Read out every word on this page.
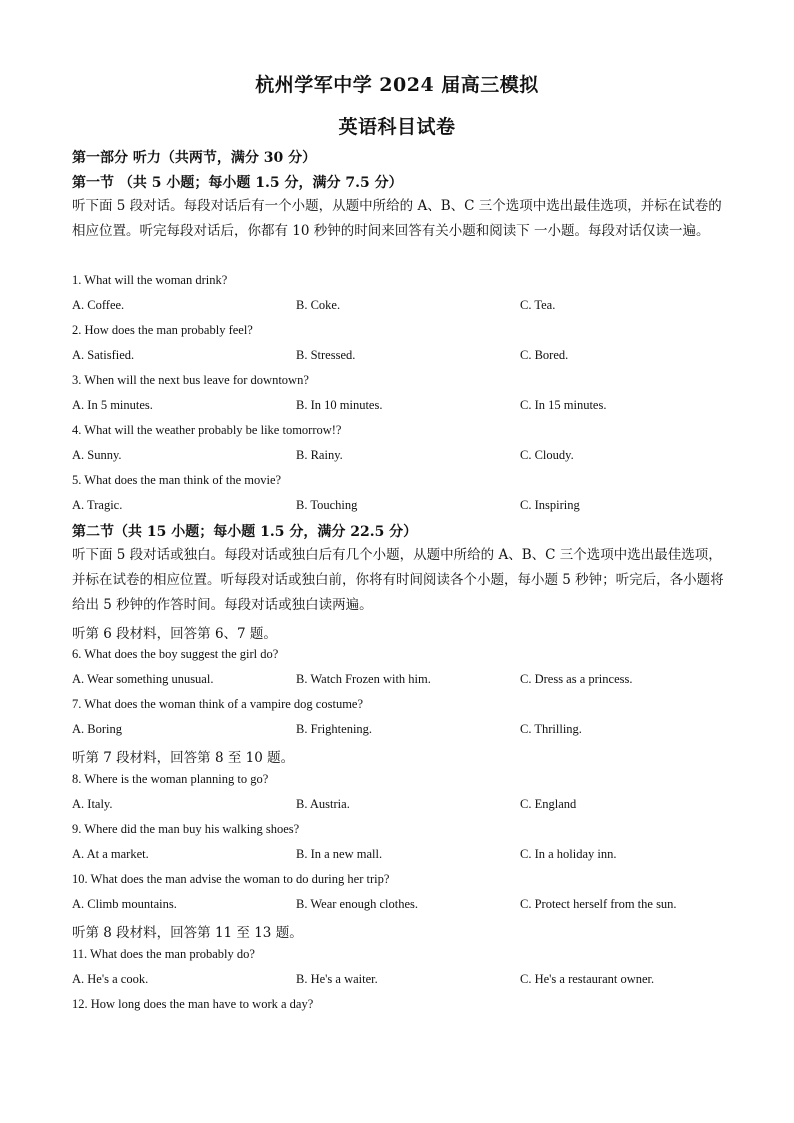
杭州学军中学 2024 届高三模拟
英语科目试卷
第一部分 听力（共两节，满分 30 分）
第一节 （共 5 小题；每小题 1.5 分，满分 7.5 分）
听下面 5 段对话。每段对话后有一个小题，从题中所给的 A、B、C 三个选项中选出最佳选项，并标在试卷的相应位置。听完每段对话后，你都有 10 秒钟的时间来回答有关小题和阅读下 一小题。每段对话仅读一遍。
1. What will the woman drink?
A. Coffee.	B. Coke.	C. Tea.
2. How does the man probably feel?
A. Satisfied.	B. Stressed.	C. Bored.
3. When will the next bus leave for downtown?
A. In 5 minutes.	B. In 10 minutes.	C. In 15 minutes.
4. What will the weather probably be like tomorrow!?
A. Sunny.	B. Rainy.	C. Cloudy.
5. What does the man think of the movie?
A. Tragic.	B. Touching	C. Inspiring
第二节（共 15 小题；每小题 1.5 分，满分 22.5 分）
听下面 5 段对话或独白。每段对话或独白后有几个小题，从题中所给的 A、B、C 三个选项中选出最佳选项，并标在试卷的相应位置。听每段对话或独白前，你将有时间阅读各个小题，每小题 5 秒钟；听完后，各小题将给出 5 秒钟的作答时间。每段对话或独白读两遍。
听第 6 段材料，回答第 6、7 题。
6. What does the boy suggest the girl do?
A. Wear something unusual.	B. Watch Frozen with him.	C. Dress as a princess.
7. What does the woman think of a vampire dog costume?
A. Boring	B. Frightening.	C. Thrilling.
听第 7 段材料，回答第 8 至 10 题。
8. Where is the woman planning to go?
A. Italy.	B. Austria.	C. England
9. Where did the man buy his walking shoes?
A. At a market.	B. In a new mall.	C. In a holiday inn.
10. What does the man advise the woman to do during her trip?
A. Climb mountains.	B. Wear enough clothes.	C. Protect herself from the sun.
听第 8 段材料，回答第 11 至 13 题。
11. What does the man probably do?
A. He's a cook.	B. He's a waiter.	C. He's a restaurant owner.
12. How long does the man have to work a day?
